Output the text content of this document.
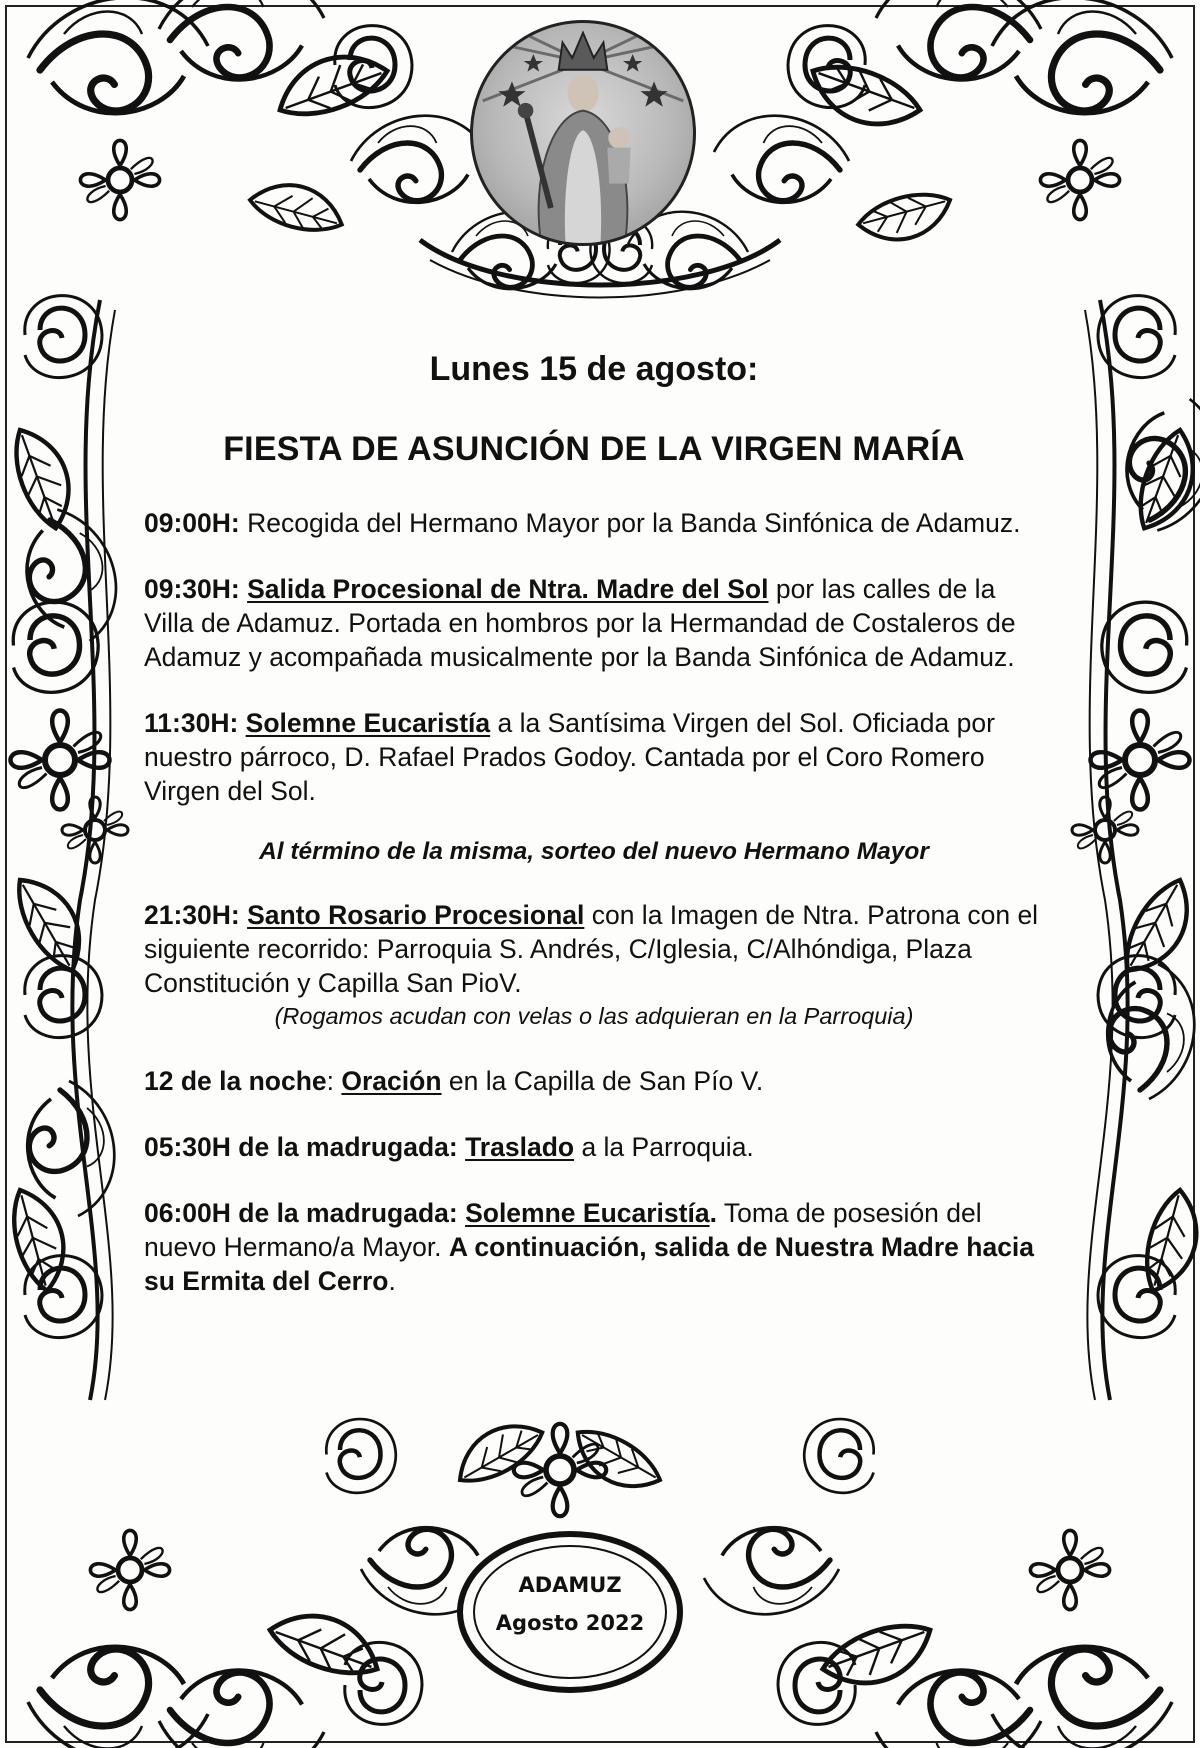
Lunes 15 de agosto:
FIESTA DE ASUNCIÓN DE LA VIRGEN MARÍA

09:00H: Recogida del Hermano Mayor por la Banda Sinfónica de Adamuz.

09:30H: Salida Procesional de Ntra. Madre del Sol por las calles de la Villa de Adamuz. Portada en hombros por la Hermandad de Costaleros de Adamuz y acompañada musicalmente por la Banda Sinfónica de Adamuz.

11:30H: Solemne Eucaristía a la Santísima Virgen del Sol. Oficiada por nuestro párroco, D. Rafael Prados Godoy. Cantada por el Coro Romero Virgen del Sol.

Al término de la misma, sorteo del nuevo Hermano Mayor

21:30H: Santo Rosario Procesional con la Imagen de Ntra. Patrona con el siguiente recorrido: Parroquia S. Andrés, C/Iglesia, C/Alhóndiga, Plaza Constitución y Capilla San PioV.
(Rogamos acudan con velas o las adquieran en la Parroquia)

12 de la noche: Oración en la Capilla de San Pío V.

05:30H de la madrugada: Traslado a la Parroquia.

06:00H de la madrugada: Solemne Eucaristía. Toma de posesión del nuevo Hermano/a Mayor. A continuación, salida de Nuestra Madre hacia su Ermita del Cerro.

ADAMUZ
Agosto 2022
